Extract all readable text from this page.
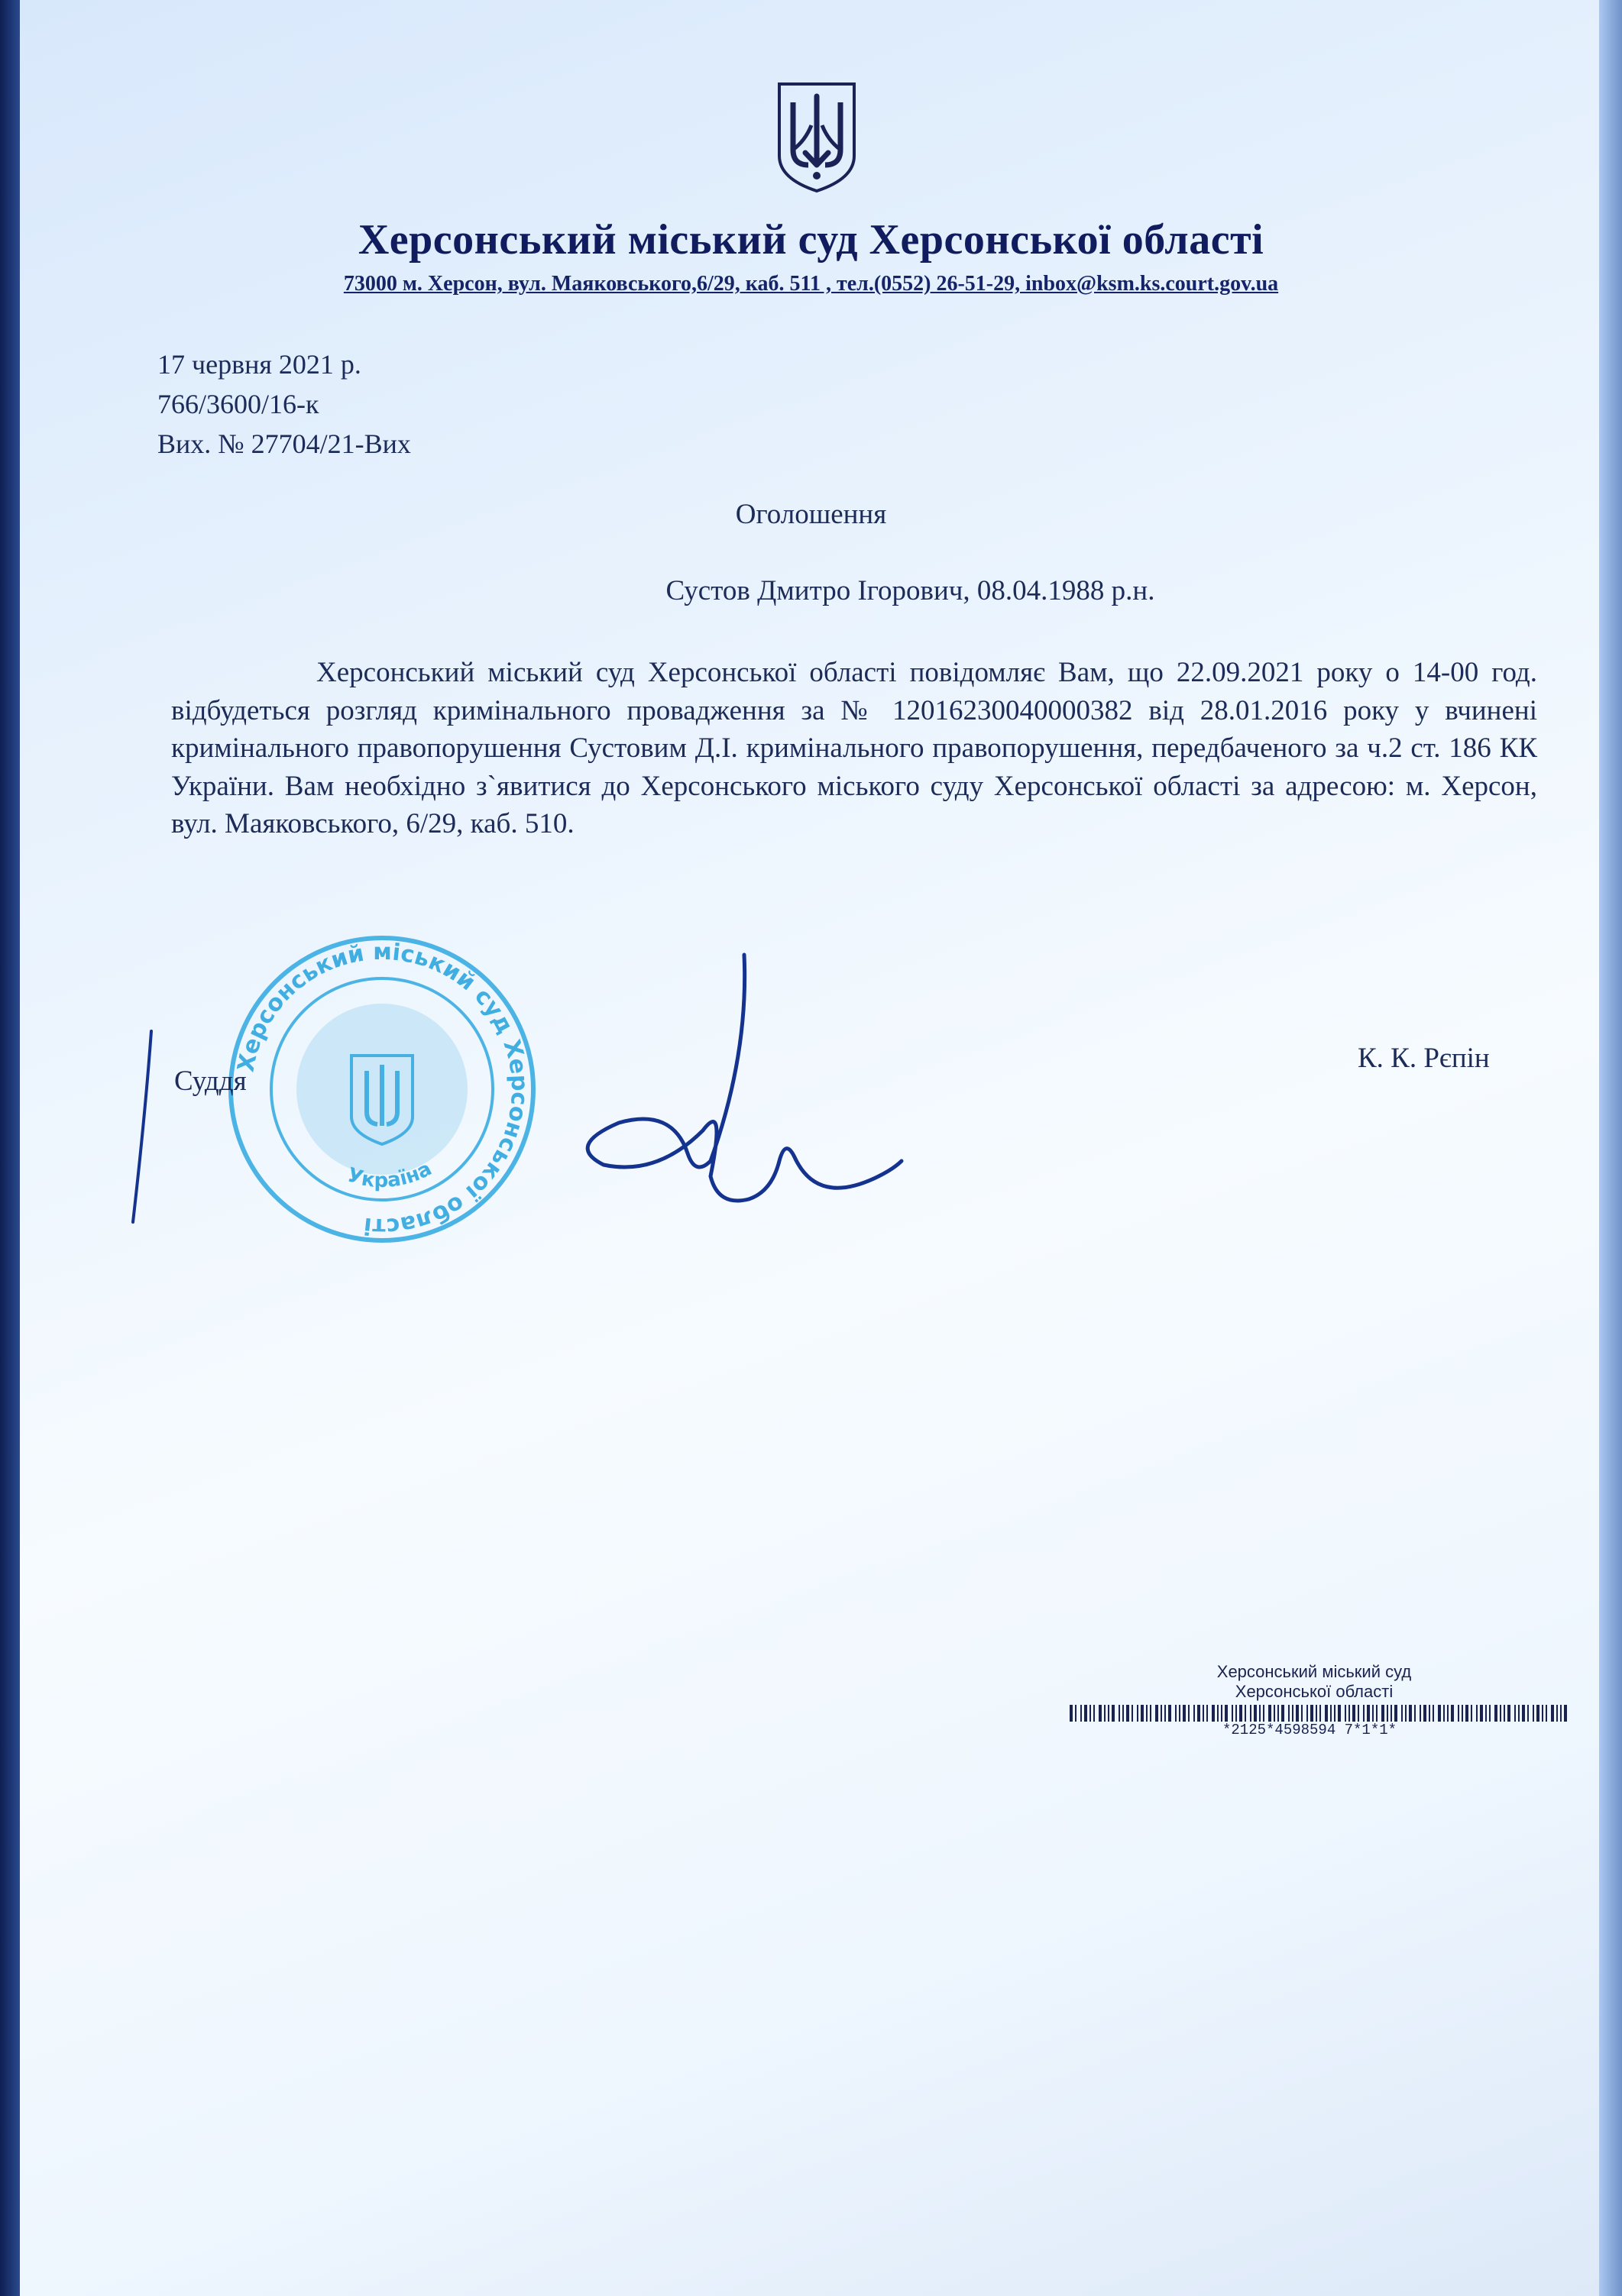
Херсонський міський суд Херсонської області
73000 м. Херсон, вул. Маяковського,6/29, каб. 511 , тел.(0552) 26-51-29, inbox@ksm.ks.court.gov.ua
17 червня 2021 р.
766/3600/16-к
Вих. № 27704/21-Вих
Оголошення
Сустов Дмитро Ігорович, 08.04.1988 р.н.
Херсонський міський суд Херсонської області повідомляє Вам, що 22.09.2021 року о 14-00 год. відбудеться розгляд кримінального провадження за № 12016230040000382 від 28.01.2016 року у вчинені кримінального правопорушення Сустовим Д.І. кримінального правопорушення, передбаченого за ч.2 ст. 186 КК України. Вам необхідно з`явитися до Херсонського міського суду Херсонської області за адресою: м. Херсон, вул. Маяковського, 6/29, каб. 510.
Херсонський міський суд Херсонської області
Україна
Суддя
К. К. Рєпін
Херсонський міський суд
Херсонської області
*2125*4598594 7*1*1*
